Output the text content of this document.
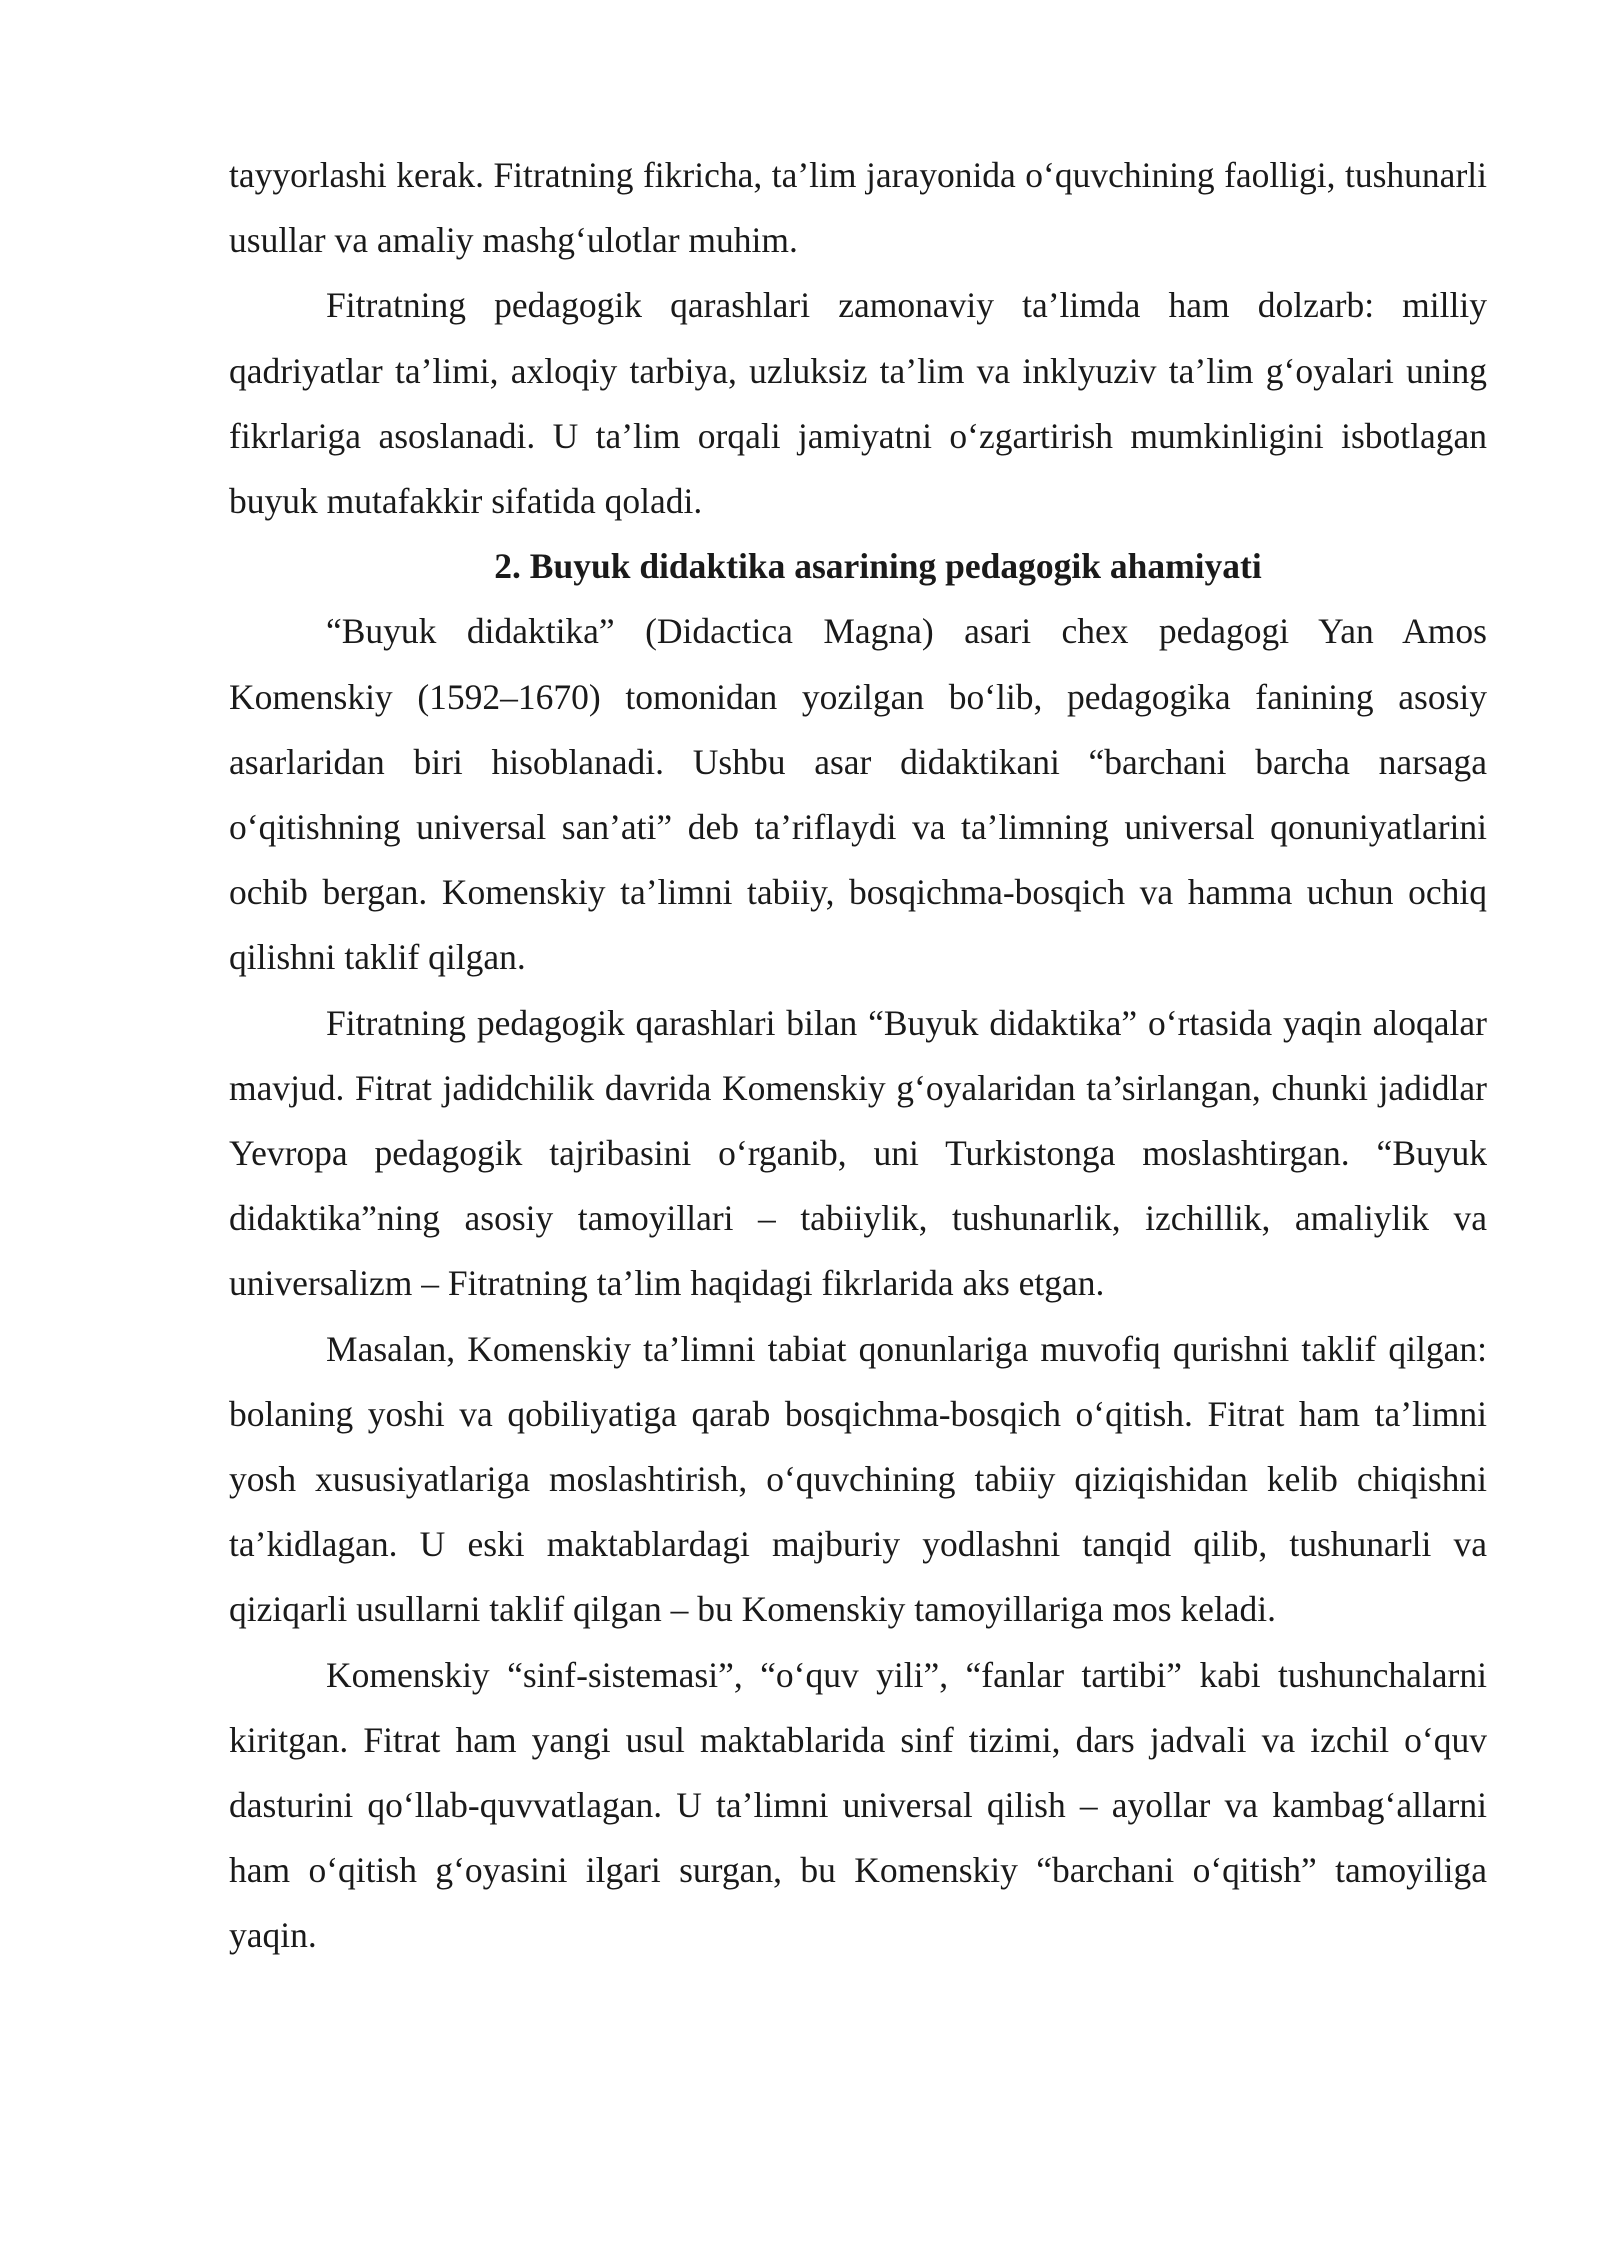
tayyorlashi kerak. Fitratning fikricha, ta’lim jarayonida o‘quvchining faolligi, tushunarli usullar va amaliy mashg‘ulotlar muhim.

Fitratning pedagogik qarashlari zamonaviy ta’limda ham dolzarb: milliy qadriyatlar ta’limi, axloqiy tarbiya, uzluksiz ta’lim va inklyuziv ta’lim g‘oyalari uning fikrlariga asoslanadi. U ta’lim orqali jamiyatni o‘zgartirish mumkinligini isbotlagan buyuk mutafakkir sifatida qoladi.

2. Buyuk didaktika asarining pedagogik ahamiyati

“Buyuk didaktika” (Didactica Magna) asari chex pedagogi Yan Amos Komenskiy (1592–1670) tomonidan yozilgan bo‘lib, pedagogika fanining asosiy asarlaridan biri hisoblanadi. Ushbu asar didaktikani “barchani barcha narsaga o‘qitishning universal san’ati” deb ta’riflaydi va ta’limning universal qonuniyatlarini ochib bergan. Komenskiy ta’limni tabiiy, bosqichma-bosqich va hamma uchun ochiq qilishni taklif qilgan.

Fitratning pedagogik qarashlari bilan “Buyuk didaktika” o‘rtasida yaqin aloqalar mavjud. Fitrat jadidchilik davrida Komenskiy g‘oyalaridan ta’sirlangan, chunki jadidlar Yevropa pedagogik tajribasini o‘rganib, uni Turkistonga moslashtirgan. “Buyuk didaktika”ning asosiy tamoyillari – tabiiylik, tushunarlik, izchillik, amaliylik va universalizm – Fitratning ta’lim haqidagi fikrlarida aks etgan.

Masalan, Komenskiy ta’limni tabiat qonunlariga muvofiq qurishni taklif qilgan: bolaning yoshi va qobiliyatiga qarab bosqichma-bosqich o‘qitish. Fitrat ham ta’limni yosh xususiyatlariga moslashtirish, o‘quvchining tabiiy qiziqishidan kelib chiqishni ta’kidlagan. U eski maktablardagi majburiy yodlashni tanqid qilib, tushunarli va qiziqarli usullarni taklif qilgan – bu Komenskiy tamoyillariga mos keladi.

Komenskiy “sinf-sistemasi”, “o‘quv yili”, “fanlar tartibi” kabi tushunchalarni kiritgan. Fitrat ham yangi usul maktablarida sinf tizimi, dars jadvali va izchil o‘quv dasturini qo‘llab-quvvatlagan. U ta’limni universal qilish – ayollar va kambag‘allarni ham o‘qitish g‘oyasini ilgari surgan, bu Komenskiy “barchani o‘qitish” tamoyiliga yaqin.
